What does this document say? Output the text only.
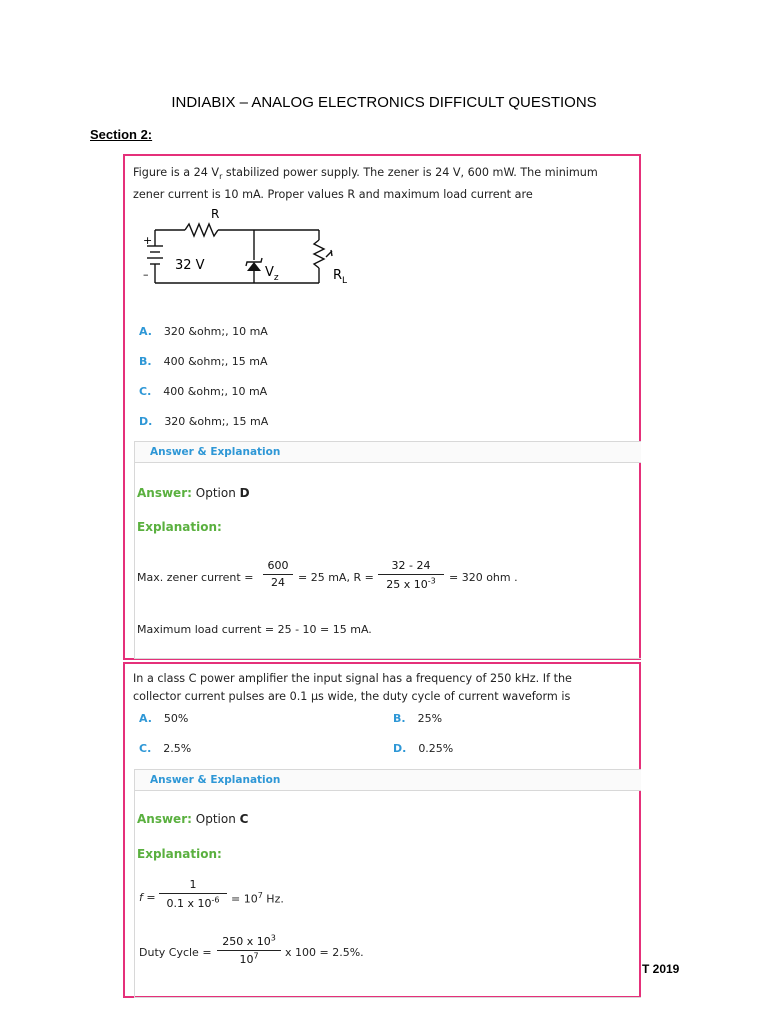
INDIABIX – ANALOG ELECTRONICS DIFFICULT QUESTIONS
Section 2:
Figure is a 24 $V_r$ stabilized power supply. The zener is 24 V, 600 mW. The minimum
zener current is 10 mA. Proper values R and maximum load current are
R
+
–
32 V	$V_z$	$R_L$
A. 320 &ohm;, 10 mA
B. 400 &ohm;, 15 mA
C. 400 &ohm;, 10 mA
D. 320 &ohm;, 15 mA
Answer & Explanation
Answer: Option D
Explanation:
Max. zener current =
600
24	= 25 mA, R =
32 - 24
25 x $10^{-3}$	= 320 ohm .
Maximum load current = 25 - 10 = 15 mA.
In a class C power amplifier the input signal has a frequency of 250 kHz. If the
collector current pulses are 0.1 μs wide, the duty cycle of current waveform is
A. 50%	B. 25%
C. 2.5%	D. 0.25%
Answer & Explanation
Answer: Option C
Explanation:
f =
1
0.1 x $10^{-6}$	= $10^7$ Hz.
Duty Cycle =
250 x $10^3$
$10^7$	x 100 = 2.5%.
T 2019
